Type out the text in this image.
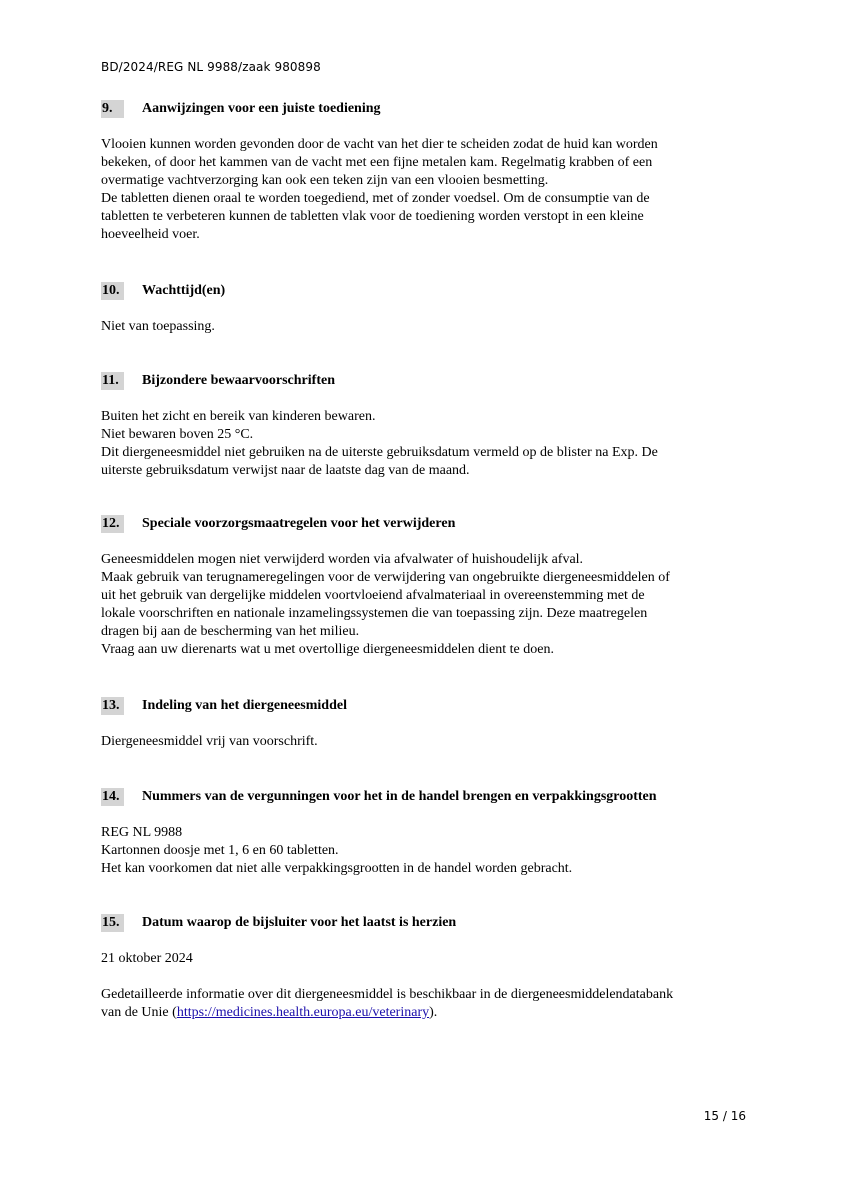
BD/2024/REG NL 9988/zaak 980898
9.	Aanwijzingen voor een juiste toediening
Vlooien kunnen worden gevonden door de vacht van het dier te scheiden zodat de huid kan worden
bekeken, of door het kammen van de vacht met een fijne metalen kam. Regelmatig krabben of een
overmatige vachtverzorging kan ook een teken zijn van een vlooien besmetting.
De tabletten dienen oraal te worden toegediend, met of zonder voedsel. Om de consumptie van de
tabletten te verbeteren kunnen de tabletten vlak voor de toediening worden verstopt in een kleine
hoeveelheid voer.
10.	Wachttijd(en)
Niet van toepassing.
11.	Bijzondere bewaarvoorschriften
Buiten het zicht en bereik van kinderen bewaren.
Niet bewaren boven 25 °C.
Dit diergeneesmiddel niet gebruiken na de uiterste gebruiksdatum vermeld op de blister na Exp. De
uiterste gebruiksdatum verwijst naar de laatste dag van de maand.
12.	Speciale voorzorgsmaatregelen voor het verwijderen
Geneesmiddelen mogen niet verwijderd worden via afvalwater of huishoudelijk afval.
Maak gebruik van terugnameregelingen voor de verwijdering van ongebruikte diergeneesmiddelen of
uit het gebruik van dergelijke middelen voortvloeiend afvalmateriaal in overeenstemming met de
lokale voorschriften en nationale inzamelingssystemen die van toepassing zijn. Deze maatregelen
dragen bij aan de bescherming van het milieu.
Vraag aan uw dierenarts wat u met overtollige diergeneesmiddelen dient te doen.
13.	Indeling van het diergeneesmiddel
Diergeneesmiddel vrij van voorschrift.
14.	Nummers van de vergunningen voor het in de handel brengen en verpakkingsgrootten
REG NL 9988
Kartonnen doosje met 1, 6 en 60 tabletten.
Het kan voorkomen dat niet alle verpakkingsgrootten in de handel worden gebracht.
15.	Datum waarop de bijsluiter voor het laatst is herzien
21 oktober 2024
Gedetailleerde informatie over dit diergeneesmiddel is beschikbaar in de diergeneesmiddelendatabank
van de Unie (https://medicines.health.europa.eu/veterinary).
15 / 16
